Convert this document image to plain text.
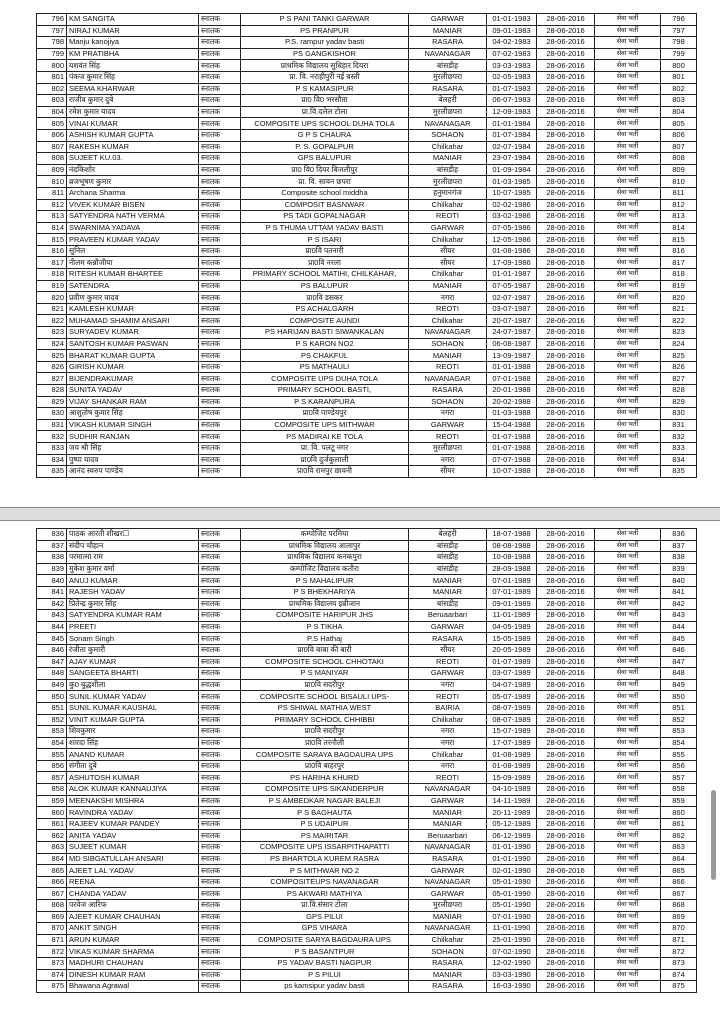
796	KM SANGITA	स्नातक	P S PANI TANKI GARWAR	GARWAR	01-01-1983	28-06-2016	सेवा भर्ती	796
797	NIRAJ KUMAR	स्नातक	PS PRANPUR	MANIAR	09-01-1983	28-06-2016	सेवा भर्ती	797
798	Manju kanojiya	स्नातक	P.S. rampur yadav basti	RASARA	04-02-1983	28-06-2016	सेवा भर्ती	798
799	KM PRATIBHA	स्नातक	PS GANGKISHOR	NAVANAGAR	07-02-1983	28-06-2016	सेवा भर्ती	799
800	यशवंत सिंह	स्नातक	प्राथमिक विद्यालय सुधिहार दियरा	बांसडीह	03-03-1983	28-06-2016	सेवा भर्ती	800
801	पंकज कुमार सिंह	स्नातक	प्रा. वि. नराहीपुरी नई बस्ती	मुरलीछपरा	02-05-1983	28-06-2016	सेवा भर्ती	801
802	SEEMA KHARWAR	स्नातक	P S KAMASIPUR	RASARA	01-07-1983	28-06-2016	सेवा भर्ती	802
803	राजीव कुमार दुबे	स्नातक	प्रा0 वि0 भरसौता	बेलहरी	06-07-1983	28-06-2016	सेवा भर्ती	803
804	रमेश कुमार यादव	स्नातक	प्रा.वि.दलेल टोला	मुरलीछपरा	12-09-1983	28-06-2016	सेवा भर्ती	804
805	VINAI KUMAR	स्नातक	COMPOSITE UPS SCHOOL DUHA TOLA	NAVANAGAR	01-01-1984	28-06-2016	सेवा भर्ती	805
806	ASHISH KUMAR GUPTA	स्नातक	G P S CHAURA	SOHAON	01-07-1984	28-06-2016	सेवा भर्ती	806
807	RAKESH KUMAR	स्नातक	P. S. GOPALPUR	Chilkahar	02-07-1984	28-06-2016	सेवा भर्ती	807
808	SUJEET KU.03.	स्नातक	GPS BALUPUR	MANIAR	23-07-1984	28-06-2016	सेवा भर्ती	808
809	नंदकिशोर	स्नातक	प्रा0 वि0 दियर बिजलीपुर	बांसडीह	01-09-1984	28-06-2016	सेवा भर्ती	809
810	ब्रजभूषण कुमार	स्नातक	प्रा. वि. सावन छपरा	मुरलीछपरा	01-03-1985	28-06-2016	सेवा भर्ती	810
811	Archana Sharma	स्नातक	Composite school middha	हनुमानगंज	10-07-1985	28-06-2016	सेवा भर्ती	811
812	VIVEK KUMAR BISEN	स्नातक	COMPOSIT BASNWAR	Chilkahar	02-02-1986	28-06-2016	सेवा भर्ती	812
813	SATYENDRA NATH VERMA	स्नातक	PS TADI GOPALNAGAR	REOTI	03-02-1986	28-06-2016	सेवा भर्ती	813
814	SWARNIMA YADAVA	स्नातक	P S THUMA UTTAM YADAV BASTI	GARWAR	07-05-1986	28-06-2016	सेवा भर्ती	814
815	PRAVEEN KUMAR YADAV	स्नातक	P S ISARI	Chilkahar	12-05-1986	28-06-2016	सेवा भर्ती	815
816	सुनिल	स्नातक	प्रा0वि पतनारी	सीयर	01-08-1986	28-06-2016	सेवा भर्ती	816
817	नीलम कन्नौजीया	स्नातक	प्रा0वि नरला	सीयर	17-09-1986	28-06-2016	सेवा भर्ती	817
818	RITESH KUMAR BHARTEE	स्नातक	PRIMARY SCHOOL MATIHI, CHILKAHAR,	Chilkahar	01-01-1987	28-06-2016	सेवा भर्ती	818
819	SATENDRA	स्नातक	PS BALUPUR	MANIAR	07-05-1987	28-06-2016	सेवा भर्ती	819
820	प्रवीण कुमार यादव	स्नातक	प्रा0वि डसकर	नगरा	02-07-1987	28-06-2016	सेवा भर्ती	820
821	KAMLESH KUMAR	स्नातक	PS ACHALGARH	REOTI	03-07-1987	28-06-2016	सेवा भर्ती	821
822	MUHAMAD SHAMIM ANSARI	स्नातक	COMPOSITE AUNDI	Chilkahar	20-07-1987	28-06-2016	सेवा भर्ती	822
823	SURYADEV KUMAR	स्नातक	PS HARIJAN BASTI SIWANKALAN	NAVANAGAR	24-07-1987	28-06-2016	सेवा भर्ती	823
824	SANTOSH KUMAR PASWAN	स्नातक	P S KARON NO2	SOHAON	06-08-1987	28-06-2016	सेवा भर्ती	824
825	BHARAT KUMAR GUPTA	स्नातक	PS CHAKFUL	MANIAR	13-09-1987	28-06-2016	सेवा भर्ती	825
826	GIRISH KUMAR	स्नातक	PS MATHAULI	REOTI	01-01-1988	28-06-2016	सेवा भर्ती	826
827	BIJENDRAKUMAR	स्नातक	COMPOSITE UPS DUHA TOLA	NAVANAGAR	07-01-1988	28-06-2016	सेवा भर्ती	827
828	SUNITA YADAV	स्नातक	PRIMARY SCHOOL BASTI,	RASARA	20-01-1988	28-06-2016	सेवा भर्ती	828
829	VIJAY SHANKAR RAM	स्नातक	P S KARANPURA	SOHAON	20-02-1988	28-06-2016	सेवा भर्ती	829
830	आशुतोष कुमार सिंह	स्नातक	प्रा0वि पाण्डेयपुर	नगरा	01-03-1988	28-06-2016	सेवा भर्ती	830
831	VIKASH KUMAR SINGH	स्नातक	COMPOSITE UPS MITHWAR	GARWAR	15-04-1988	28-06-2016	सेवा भर्ती	831
832	SUDHIR RANJAN	स्नातक	PS MADIRAI KE TOLA	REOTI	01-07-1988	28-06-2016	सेवा भर्ती	832
833	जय श्री सिंह	स्नातक	प्रा. वि. पलटू नगर	मुरलीछपरा	01-07-1988	28-06-2016	सेवा भर्ती	833
834	पुष्पा यादव	स्नातक	प्रा0वि दुर्जकुलाली	नगरा	07-07-1988	28-06-2016	सेवा भर्ती	834
835	आनंद स्वरुप पाण्डेय	स्नातक	प्रा0वि रामपुर छावनी	सीयर	10-07-1988	28-06-2016	सेवा भर्ती	835
836	पाठक आरती शीखर☐	स्नातक	कम्पोजिट परमिया	बेलहरी	18-07-1988	28-06-2016	सेवा भर्ती	836
837	संदीप चौहान	स्नातक	प्राथमिक विद्यालय आलापुर	बांसडीह	08-08-1988	28-06-2016	सेवा भर्ती	837
838	परमात्मा राम	स्नातक	प्राथमिक विद्यालय कनकपुरा	बांसडीह	10-08-1988	28-06-2016	सेवा भर्ती	838
839	मुकेश कुमार वर्मा	स्नातक	कम्पोजिट विद्यालय कतौरा	बांसडीह	28-09-1988	28-06-2016	सेवा भर्ती	839
840	ANUJ KUMAR	स्नातक	P S MAHALIPUR	MANIAR	07-01-1989	28-06-2016	सेवा भर्ती	840
841	RAJESH YADAV	स्नातक	P S BHEKHARIYA	MANIAR	07-01-1989	28-06-2016	सेवा भर्ती	841
842	प्रितेन्द्र कुमार सिंह	स्नातक	प्राथमिक विद्यालय इब्रीजान	बांसडीह	09-01-1989	28-06-2016	सेवा भर्ती	842
843	SATYENDRA KUMAR RAM	स्नातक	COMPOSITE HARIPUR JHS	Beruaarbari	11-01-1989	28-06-2016	सेवा भर्ती	843
844	PREETI	स्नातक	P S TIKHA	GARWAR	04-05-1989	28-06-2016	सेवा भर्ती	844
845	Sonam Singh	स्नातक	P.S Hathaj	RASARA	15-05-1989	28-06-2016	सेवा भर्ती	845
846	रंजीता कुमारी	स्नातक	प्रा0वि बाबा की बारी	सीयर	20-05-1989	28-06-2016	सेवा भर्ती	846
847	AJAY KUMAR	स्नातक	COMPOSITE SCHOOL CHHOTAKI	REOTI	01-07-1989	28-06-2016	सेवा भर्ती	847
848	SANGEETA BHARTI	स्नातक	P S MANIYAR	GARWAR	03-07-1989	28-06-2016	सेवा भर्ती	848
849	कु0 बुद्धशीला	स्नातक	प्रा0वि सदरीपुर	नगरा	04-07-1989	28-06-2016	सेवा भर्ती	849
850	SUNIL KUMAR YADAV	स्नातक	COMPOSITE SCHOOL BISAULI UPS-	REOTI	05-07-1989	28-06-2016	सेवा भर्ती	850
851	SUNIL KUMAR KAUSHAL	स्नातक	PS SHIWAL MATHIA WEST	BAIRIA	08-07-1989	28-06-2016	सेवा भर्ती	851
852	VINIT KUMAR GUPTA	स्नातक	PRIMARY SCHOOL CHHIBBI	Chilkahar	08-07-1989	28-06-2016	सेवा भर्ती	852
853	शिवकुमार	स्नातक	प्रा0वि सदरीपुर	नगरा	15-07-1989	28-06-2016	सेवा भर्ती	853
854	शारदा सिंह	स्नातक	प्रा0वि तरनौली	नगरा	17-07-1989	28-06-2016	सेवा भर्ती	854
855	ANAND KUMAR	स्नातक	COMPOSITE SARAYA BAGDAURA UPS	Chilkahar	01-08-1989	28-06-2016	सेवा भर्ती	855
856	संगीता दुबे	स्नातक	प्रा0वि बाहरपुर	नगरा	01-08-1989	28-06-2016	सेवा भर्ती	856
857	ASHUTOSH KUMAR	स्नातक	PS HARIHA KHURD	REOTI	15-09-1989	28-06-2016	सेवा भर्ती	857
858	ALOK KUMAR KANNAUJIYA	स्नातक	COMPOSITE UPS SIKANDERPUR	NAVANAGAR	04-10-1989	28-06-2016	सेवा भर्ती	858
859	MEENAKSHI MISHRA	स्नातक	P S AMBEDKAR NAGAR BALEJI	GARWAR	14-11-1989	28-06-2016	सेवा भर्ती	859
860	RAVINDRA YADAV	स्नातक	P S BAGHAUTA	MANIAR	20-11-1989	28-06-2016	सेवा भर्ती	860
861	RAJEEV KUMAR PANDEY	स्नातक	P S UDAIPUR	MANIAR	05-12-1989	28-06-2016	सेवा भर्ती	861
862	ANITA YADAV	स्नातक	PS MAIRITAR	Beruaarbari	06-12-1989	28-06-2016	सेवा भर्ती	862
863	SUJEET KUMAR	स्नातक	COMPOSITE UPS ISSARPITHAPATTI	NAVANAGAR	01-01-1990	28-06-2016	सेवा भर्ती	863
864	MD SIBGATULLAH ANSARI	स्नातक	PS BHARTOLA KUREM RASRA	RASARA	01-01-1990	28-06-2016	सेवा भर्ती	864
865	AJEET LAL YADAV	स्नातक	P S MITHWAR NO 2	GARWAR	02-01-1990	28-06-2016	सेवा भर्ती	865
866	REENA	स्नातक	COMPOSITEUPS NAVANAGAR	NAVANAGAR	05-01-1990	28-06-2016	सेवा भर्ती	866
867	CHANDA YADAV	स्नातक	PS AKWARI MATHIYA	GARWAR	05-01-1990	28-06-2016	सेवा भर्ती	867
868	परवेज आरिफ	स्नातक	प्रा.वि.संसार टोला	मुरलीछपरा	05-01-1990	28-06-2016	सेवा भर्ती	868
869	AJEET KUMAR CHAUHAN	स्नातक	GPS PILUI	MANIAR	07-01-1990	28-06-2016	सेवा भर्ती	869
870	ANKIT SINGH	स्नातक	GPS VIHARA	NAVANAGAR	11-01-1990	28-06-2016	सेवा भर्ती	870
871	ARUN KUMAR	स्नातक	COMPOSITE SARYA BAGDAURA UPS	Chilkahar	25-01-1990	28-06-2016	सेवा भर्ती	871
872	VIKAS KUMAR SHARMA	स्नातक	P S BASANTPUR	SOHAON	07-02-1990	28-06-2016	सेवा भर्ती	872
873	MADHURI CHAUHAN	स्नातक	PS YADAV BASTI NAGPUR	RASARA	12-02-1990	28-06-2016	सेवा भर्ती	873
874	DINESH KUMAR RAM	स्नातक	P S PILUI	MANIAR	03-03-1990	28-06-2016	सेवा भर्ती	874
875	Bhawana Agrawal	स्नातक	ps kamsipur yadav basti	RASARA	16-03-1990	28-06-2016	सेवा भर्ती	875
